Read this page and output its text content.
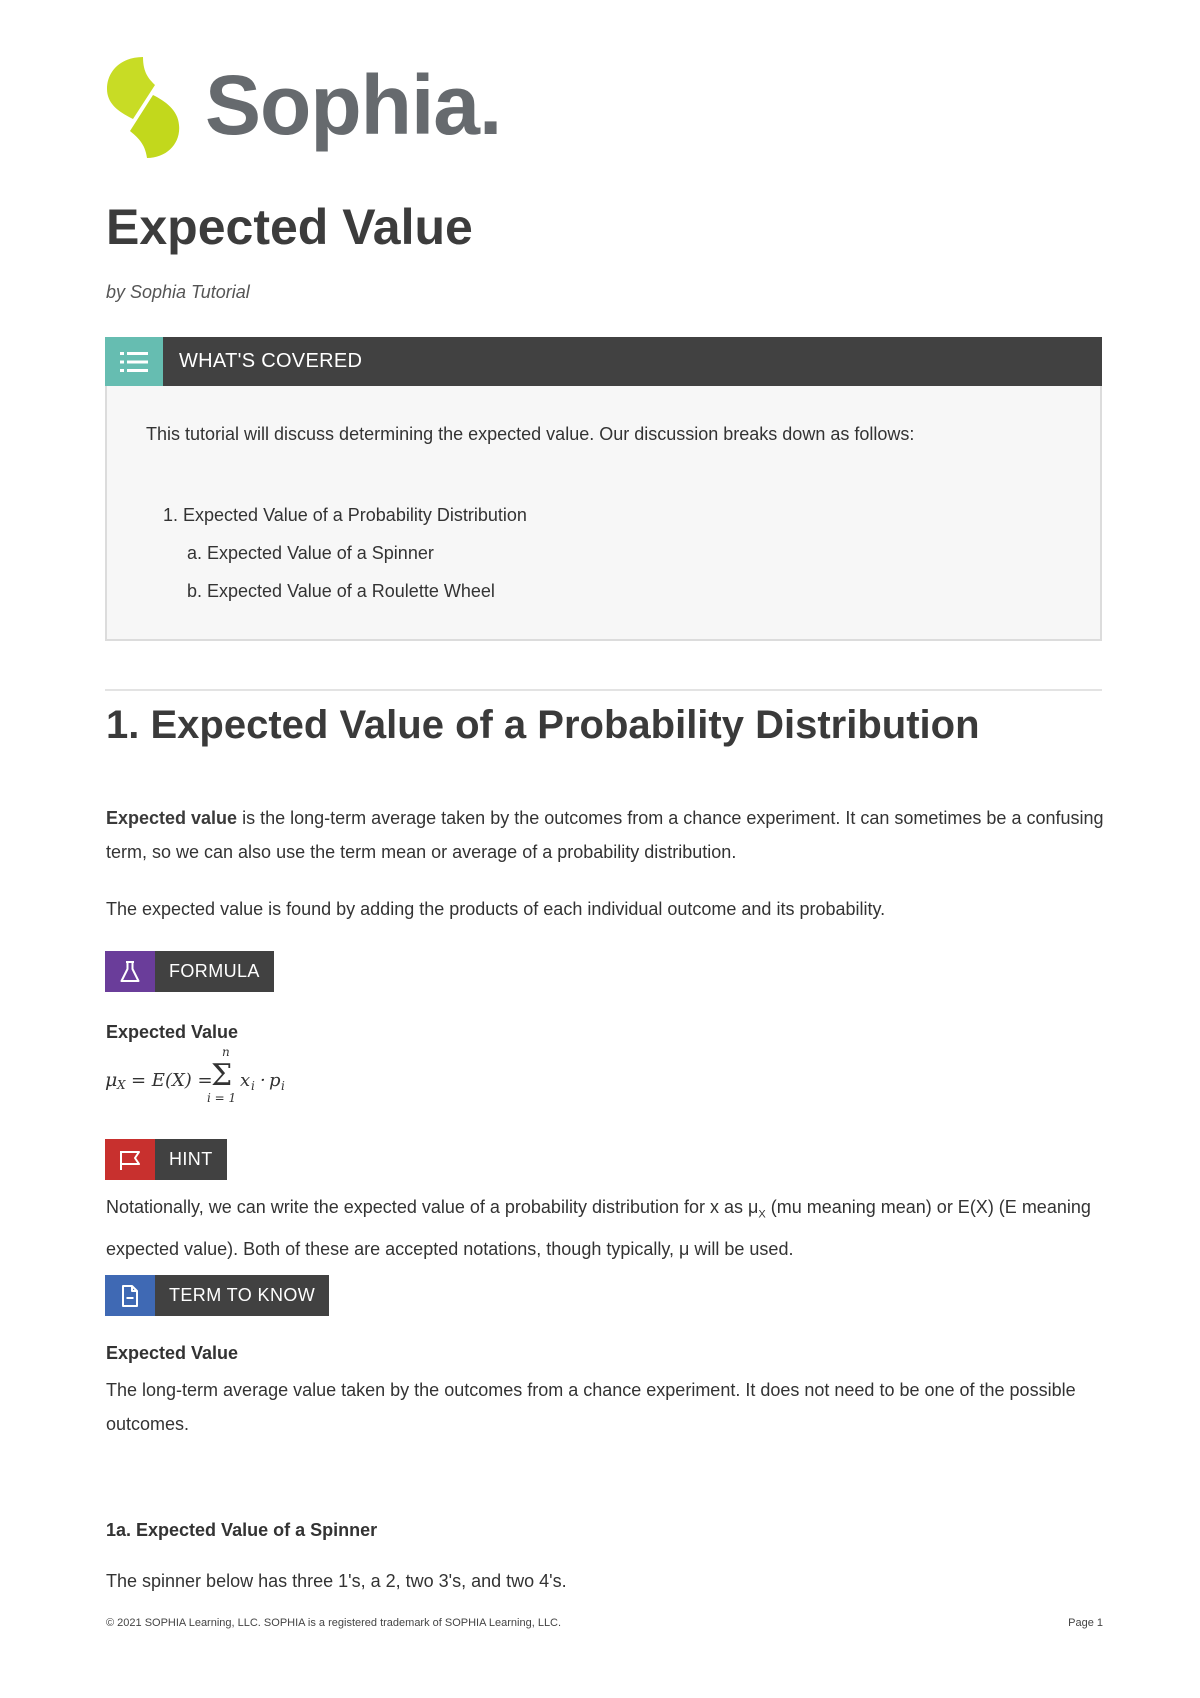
Sophia.
Expected Value
by Sophia Tutorial
WHAT'S COVERED
This tutorial will discuss determining the expected value. Our discussion breaks down as follows:
1. Expected Value of a Probability Distribution
a. Expected Value of a Spinner
b. Expected Value of a Roulette Wheel
1. Expected Value of a Probability Distribution
Expected value is the long-term average taken by the outcomes from a chance experiment. It can sometimes be a confusing term, so we can also use the term mean or average of a probability distribution.
The expected value is found by adding the products of each individual outcome and its probability.
FORMULA
Expected Value
μ X = E(X) =
n
Σ
i = 1
x i · p i
HINT
Notationally, we can write the expected value of a probability distribution for x as $\mu_X$ (mu meaning mean) or E(X) (E meaning expected value). Both of these are accepted notations, though typically, μ will be used.
TERM TO KNOW
Expected Value
The long-term average value taken by the outcomes from a chance experiment. It does not need to be one of the possible outcomes.
1a. Expected Value of a Spinner
The spinner below has three 1's, a 2, two 3's, and two 4's.
© 2021 SOPHIA Learning, LLC. SOPHIA is a registered trademark of SOPHIA Learning, LLC.	Page 1
